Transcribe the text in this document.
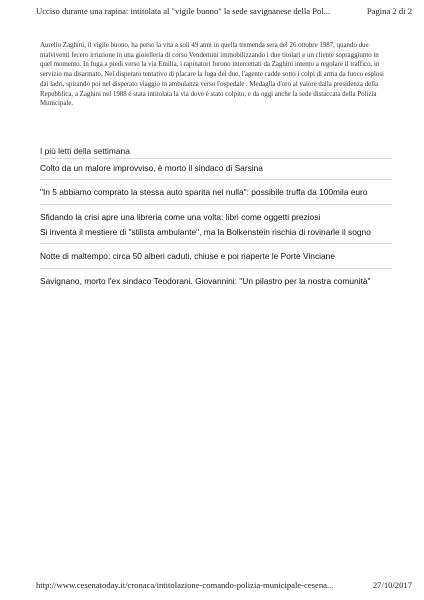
Ucciso durante una rapina: intitolata al "vigile buono" la sede savignanese della Pol...	Pagina 2 di 2

Aurelio Zaghini, il vigile buono, ha perso la vita a soli 49 anni in quella tremenda sera del 26 ottobre 1987, quando due malviventi fecero irruzione in una gioielleria di corso Vendemini immobilizzando i due titolari e un cliente sopraggiunto in quel momento. In fuga a piedi verso la via Emilia, i rapinatori furono intercettati da Zaghini intento a regolare il traffico, in servizio ma disarmato. Nel disperato tentativo di placare la fuga dei due, l'agente cadde sotto i colpi di arma da fuoco esplosi dai ladri, spirando poi nel disperato viaggio in ambulanza verso l'ospedale . Medaglia d'oro al valore dalla presidenza della Repubblica, a Zaghini nel 1988 è stata intitolata la via dove è stato colpito, e da oggi anche la sede distaccata della Polizia Municipale.

I più letti della settimana
Colto da un malore improvviso, è morto il sindaco di Sarsina
"In 5 abbiamo comprato la stessa auto sparita nel nulla": possibile truffa da 100mila euro
Sfidando la crisi apre una libreria come una volta: libri come oggetti preziosi
Si inventa il mestiere di "stilista ambulante", ma la Bolkenstein rischia di rovinarle il sogno
Notte di maltempo: circa 50 alberi caduti, chiuse e poi riaperte le Porte Vinciane
Savignano, morto l'ex sindaco Teodorani. Giovannini: "Un pilastro per la nostra comunità"
http://www.cesenatoday.it/cronaca/intitolazione-comando-polizia-municipale-cesena...	27/10/2017
